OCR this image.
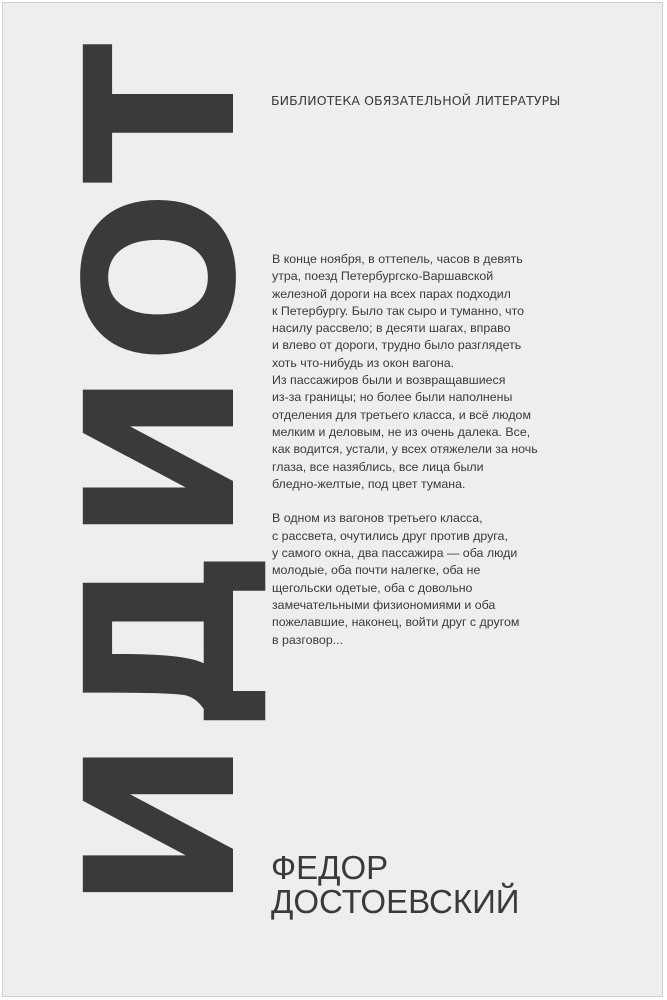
БИБЛИОТЕКА ОБЯЗАТЕЛЬНОЙ ЛИТЕРАТУРЫ
ИДИОТ
В конце ноября, в оттепель, часов в девять
утра, поезд Петербургско-Варшавской
железной дороги на всех парах подходил
к Петербургу. Было так сыро и туманно, что
насилу рассвело; в десяти шагах, вправо
и влево от дороги, трудно было разглядеть
хоть что-нибудь из окон вагона.
Из пассажиров были и возвращавшиеся
из-за границы; но более были наполнены
отделения для третьего класса, и всё людом
мелким и деловым, не из очень далека. Все,
как водится, устали, у всех отяжелели за ночь
глаза, все назяблись, все лица были
бледно-желтые, под цвет тумана.
В одном из вагонов третьего класса,
с рассвета, очутились друг против друга,
у самого окна, два пассажира — оба люди
молодые, оба почти налегке, оба не
щегольски одетые, оба с довольно
замечательными физиономиями и оба
пожелавшие, наконец, войти друг с другом
в разговор...
ФЕДОР
ДОСТОЕВСКИЙ
